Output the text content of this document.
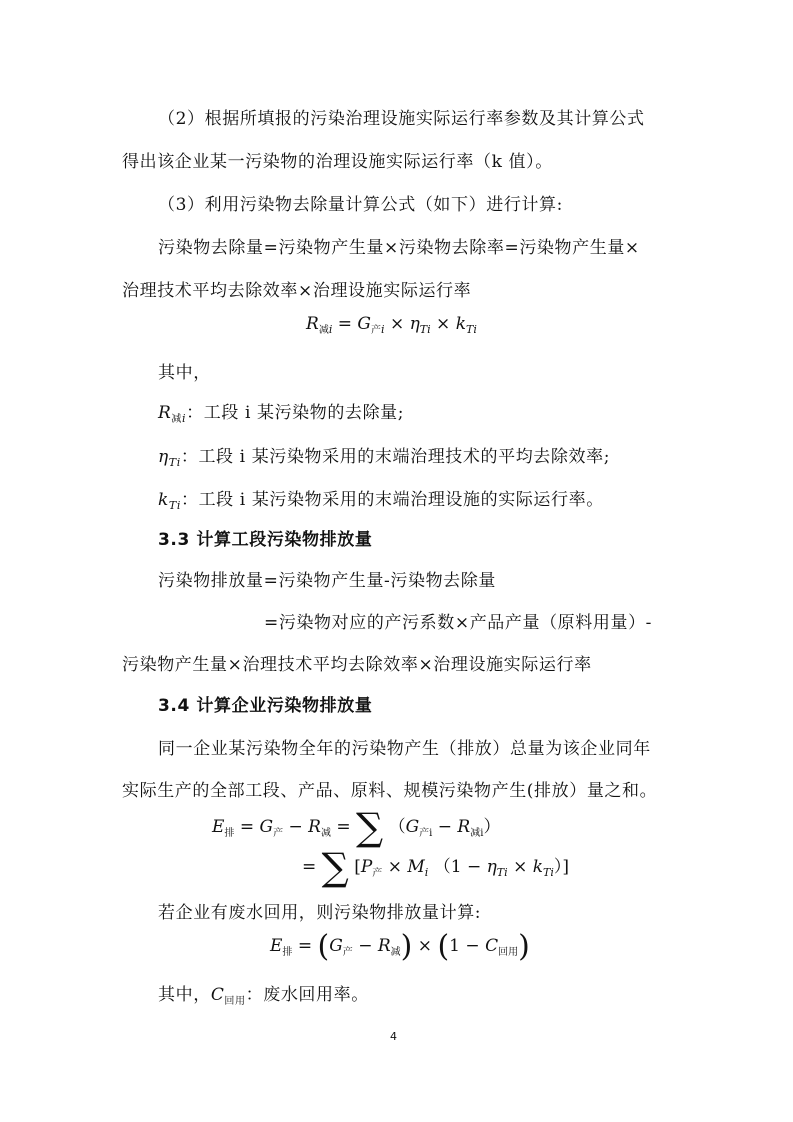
（2）根据所填报的污染治理设施实际运行率参数及其计算公式
得出该企业某一污染物的治理设施实际运行率（k 值）。
（3）利用污染物去除量计算公式（如下）进行计算:
污染物去除量=污染物产生量×污染物去除率=污染物产生量×
治理技术平均去除效率×治理设施实际运行率
$R_{减i} = G_{产i} \times \eta_{Ti} \times k_{Ti}$
其中，
$R_{减i}$：工段 i 某污染物的去除量;
$\eta_{Ti}$：工段 i 某污染物采用的末端治理技术的平均去除效率;
$k_{Ti}$：工段 i 某污染物采用的末端治理设施的实际运行率。
3.3 计算工段污染物排放量
污染物排放量=污染物产生量-污染物去除量
=污染物对应的产污系数×产品产量（原料用量）-
污染物产生量×治理技术平均去除效率×治理设施实际运行率
3.4 计算企业污染物排放量
同一企业某污染物全年的污染物产生（排放）总量为该企业同年
实际生产的全部工段、产品、原料、规模污染物产生(排放）量之和。
$E_排 = G_产 - R_减$ = ∑ $(G_{产i} - R_{减i})$
= ∑ [$P_产 \times M_i$ $(1 - \eta_{Ti} \times k_{Ti})$]
若企业有废水回用，则污染物排放量计算:
$E_排 = (G_产 - R_减) \times (1 - C_{回用})$
其中，$C_{回用}$：废水回用率。
4
